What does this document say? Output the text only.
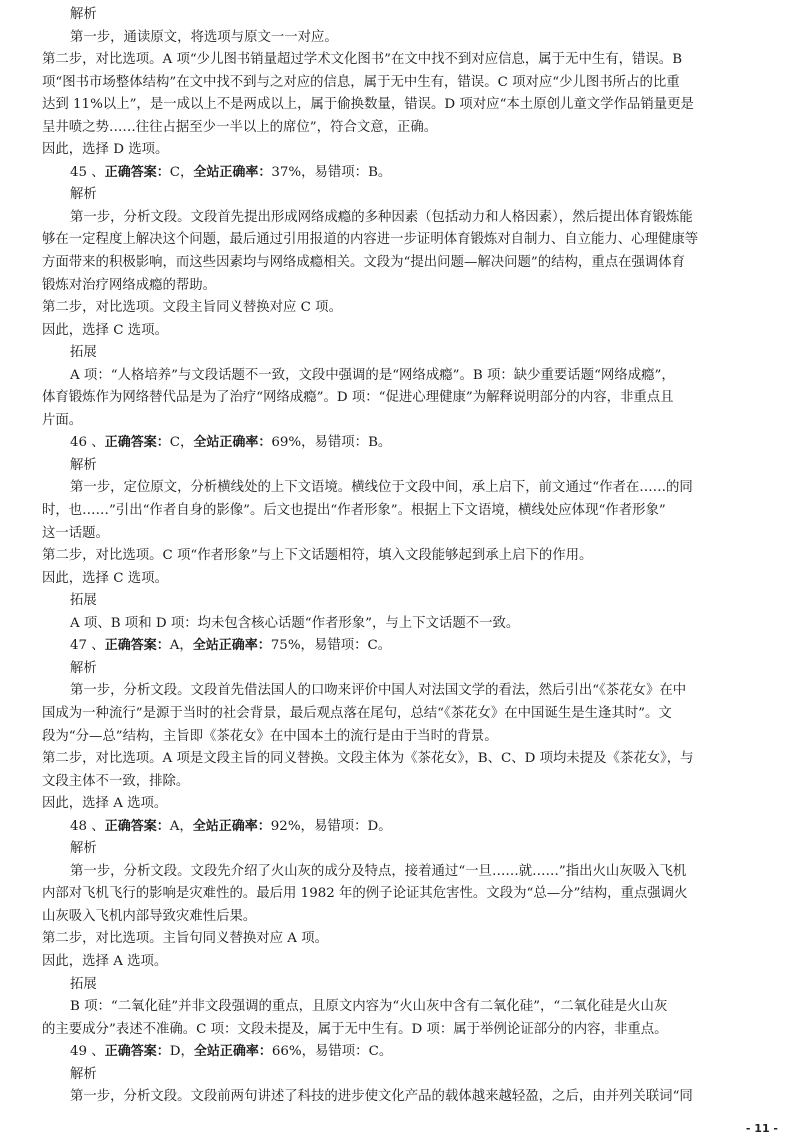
解析
第一步，通读原文，将选项与原文一一对应。
第二步，对比选项。A 项“少儿图书销量超过学术文化图书”在文中找不到对应信息，属于无中生有，错误。B
项“图书市场整体结构”在文中找不到与之对应的信息，属于无中生有，错误。C 项对应“少儿图书所占的比重
达到 11%以上”，是一成以上不是两成以上，属于偷换数量，错误。D 项对应“本土原创儿童文学作品销量更是
呈井喷之势……往往占据至少一半以上的席位”，符合文意，正确。
因此，选择 D 选项。
45 、正确答案：C，全站正确率：37%，易错项：B。
解析
第一步，分析文段。文段首先提出形成网络成瘾的多种因素（包括动力和人格因素），然后提出体育锻炼能
够在一定程度上解决这个问题，最后通过引用报道的内容进一步证明体育锻炼对自制力、自立能力、心理健康等
方面带来的积极影响，而这些因素均与网络成瘾相关。文段为“提出问题—解决问题”的结构，重点在强调体育
锻炼对治疗网络成瘾的帮助。
第二步，对比选项。文段主旨同义替换对应 C 项。
因此，选择 C 选项。
拓展
A 项：“人格培养”与文段话题不一致，文段中强调的是“网络成瘾”。B 项：缺少重要话题“网络成瘾”，
体育锻炼作为网络替代品是为了治疗“网络成瘾”。D 项：“促进心理健康”为解释说明部分的内容，非重点且
片面。
46 、正确答案：C，全站正确率：69%，易错项：B。
解析
第一步，定位原文，分析横线处的上下文语境。横线位于文段中间，承上启下，前文通过“作者在……的同
时，也……”引出“作者自身的影像”。后文也提出“作者形象”。根据上下文语境，横线处应体现“作者形象”
这一话题。
第二步，对比选项。C 项“作者形象”与上下文话题相符，填入文段能够起到承上启下的作用。
因此，选择 C 选项。
拓展
A 项、B 项和 D 项：均未包含核心话题“作者形象”，与上下文话题不一致。
47 、正确答案：A，全站正确率：75%，易错项：C。
解析
第一步，分析文段。文段首先借法国人的口吻来评价中国人对法国文学的看法，然后引出“《茶花女》在中
国成为一种流行”是源于当时的社会背景，最后观点落在尾句，总结“《茶花女》在中国诞生是生逢其时”。文
段为“分—总”结构，主旨即《茶花女》在中国本土的流行是由于当时的背景。
第二步，对比选项。A 项是文段主旨的同义替换。文段主体为《茶花女》，B、C、D 项均未提及《茶花女》，与
文段主体不一致，排除。
因此，选择 A 选项。
48 、正确答案：A，全站正确率：92%，易错项：D。
解析
第一步，分析文段。文段先介绍了火山灰的成分及特点，接着通过“一旦……就……”指出火山灰吸入飞机
内部对飞机飞行的影响是灾难性的。最后用 1982 年的例子论证其危害性。文段为“总—分”结构，重点强调火
山灰吸入飞机内部导致灾难性后果。
第二步，对比选项。主旨句同义替换对应 A 项。
因此，选择 A 选项。
拓展
B 项：“二氧化硅”并非文段强调的重点，且原文内容为“火山灰中含有二氧化硅”，“二氧化硅是火山灰
的主要成分”表述不准确。C 项：文段未提及，属于无中生有。D 项：属于举例论证部分的内容，非重点。
49 、正确答案：D，全站正确率：66%，易错项：C。
解析
第一步，分析文段。文段前两句讲述了科技的进步使文化产品的载体越来越轻盈，之后，由并列关联词“同
- 11 -
